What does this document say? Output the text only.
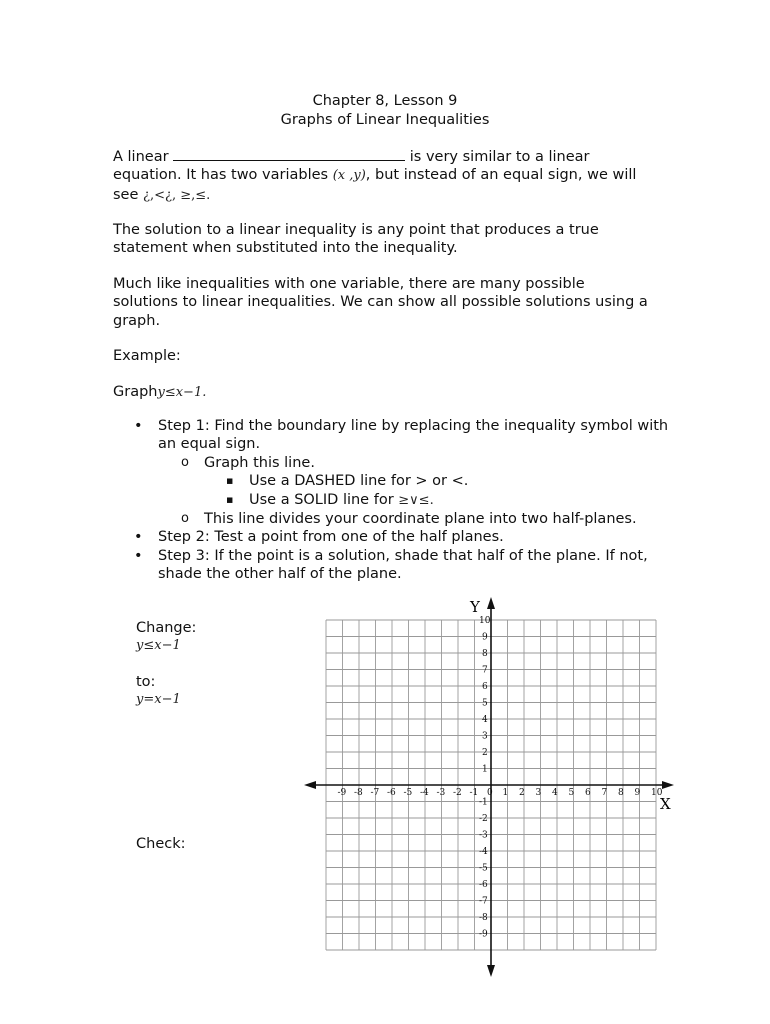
Chapter 8, Lesson 9

Graphs of Linear Inequalities

A linear	is very similar to a linear equation. It has two variables (x ,y), but instead of an equal sign, we will see ¿,<¿, ≥,≤.

The solution to a linear inequality is any point that produces a true statement when substituted into the inequality.

Much like inequalities with one variable, there are many possible solutions to linear inequalities. We can show all possible solutions using a graph.

Example:

Graphy≤x−1.

• Step 1: Find the boundary line by replacing the inequality symbol with an equal sign.
o Graph this line.
▪ Use a DASHED line for > or <.
▪ Use a SOLID line for ≥∨≤.
o This line divides your coordinate plane into two half-planes.
• Step 2: Test a point from one of the half planes.
• Step 3: If the point is a solution, shade that half of the plane. If not, shade the other half of the plane.

Change:

y≤x−1

to:

y=x−1

Check:

-9 -8 -7 -6 -5 -4 -3 -2 -1 0 1 2 3 4 5 6 7 8 9 10
10
9
8
7
6
5
4
3
2
1
-1
-2
-3
-4
-5
-6
-7
-8
-9
Y
X
